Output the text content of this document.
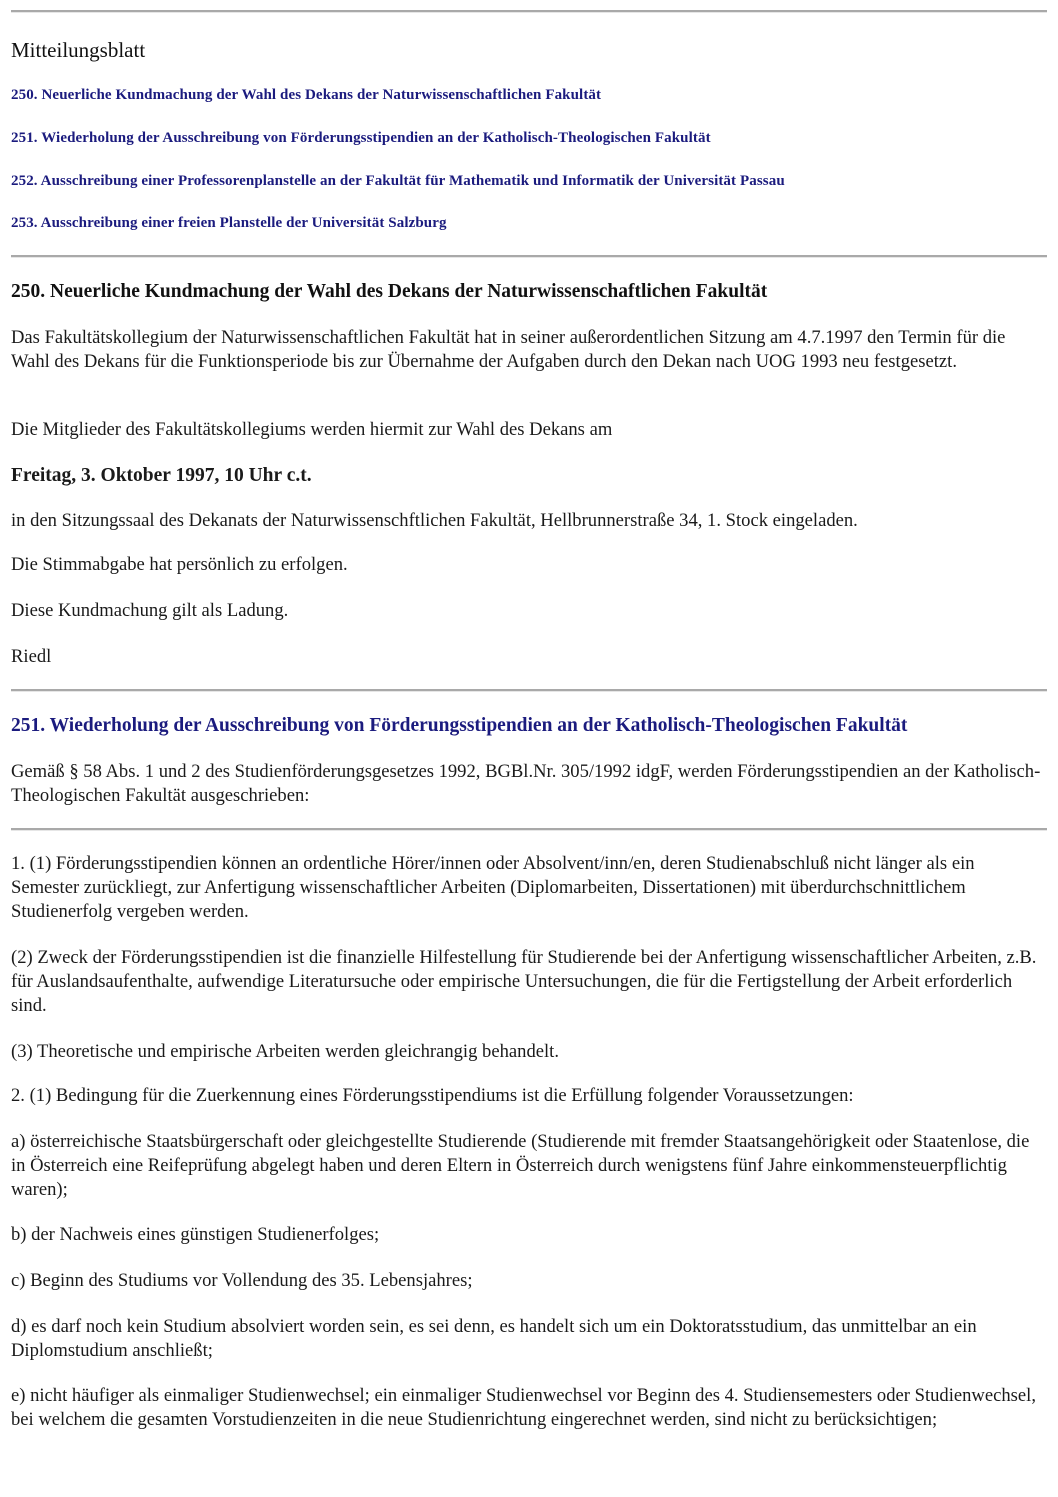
Mitteilungsblatt
250. Neuerliche Kundmachung der Wahl des Dekans der Naturwissenschaftlichen Fakultät
251. Wiederholung der Ausschreibung von Förderungsstipendien an der Katholisch-Theologischen Fakultät
252. Ausschreibung einer Professorenplanstelle an der Fakultät für Mathematik und Informatik der Universität Passau
253. Ausschreibung einer freien Planstelle der Universität Salzburg
250. Neuerliche Kundmachung der Wahl des Dekans der Naturwissenschaftlichen Fakultät

Das Fakultätskollegium der Naturwissenschaftlichen Fakultät hat in seiner außerordentlichen Sitzung am 4.7.1997 den Termin für die Wahl des Dekans für die Funktionsperiode bis zur Übernahme der Aufgaben durch den Dekan nach UOG 1993 neu festgesetzt.

Die Mitglieder des Fakultätskollegiums werden hiermit zur Wahl des Dekans am

Freitag, 3. Oktober 1997, 10 Uhr c.t.

in den Sitzungssaal des Dekanats der Naturwissenschftlichen Fakultät, Hellbrunnerstraße 34, 1. Stock eingeladen.

Die Stimmabgabe hat persönlich zu erfolgen.

Diese Kundmachung gilt als Ladung.

Riedl

251. Wiederholung der Ausschreibung von Förderungsstipendien an der Katholisch-Theologischen Fakultät

Gemäß § 58 Abs. 1 und 2 des Studienförderungsgesetzes 1992, BGBl.Nr. 305/1992 idgF, werden Förderungsstipendien an der Katholisch-Theologischen Fakultät ausgeschrieben:

1. (1) Förderungsstipendien können an ordentliche Hörer/innen oder Absolvent/inn/en, deren Studienabschluß nicht länger als ein Semester zurückliegt, zur Anfertigung wissenschaftlicher Arbeiten (Diplomarbeiten, Dissertationen) mit überdurchschnittlichem Studienerfolg vergeben werden.

(2) Zweck der Förderungsstipendien ist die finanzielle Hilfestellung für Studierende bei der Anfertigung wissenschaftlicher Arbeiten, z.B. für Auslandsaufenthalte, aufwendige Literatursuche oder empirische Untersuchungen, die für die Fertigstellung der Arbeit erforderlich sind.

(3) Theoretische und empirische Arbeiten werden gleichrangig behandelt.

2. (1) Bedingung für die Zuerkennung eines Förderungsstipendiums ist die Erfüllung folgender Voraussetzungen:

a) österreichische Staatsbürgerschaft oder gleichgestellte Studierende (Studierende mit fremder Staatsangehörigkeit oder Staatenlose, die in Österreich eine Reifeprüfung abgelegt haben und deren Eltern in Österreich durch wenigstens fünf Jahre einkommensteuerpflichtig waren);

b) der Nachweis eines günstigen Studienerfolges;

c) Beginn des Studiums vor Vollendung des 35. Lebensjahres;

d) es darf noch kein Studium absolviert worden sein, es sei denn, es handelt sich um ein Doktoratsstudium, das unmittelbar an ein Diplomstudium anschließt;

e) nicht häufiger als einmaliger Studienwechsel; ein einmaliger Studienwechsel vor Beginn des 4. Studiensemesters oder Studienwechsel, bei welchem die gesamten Vorstudienzeiten in die neue Studienrichtung eingerechnet werden, sind nicht zu berücksichtigen;
